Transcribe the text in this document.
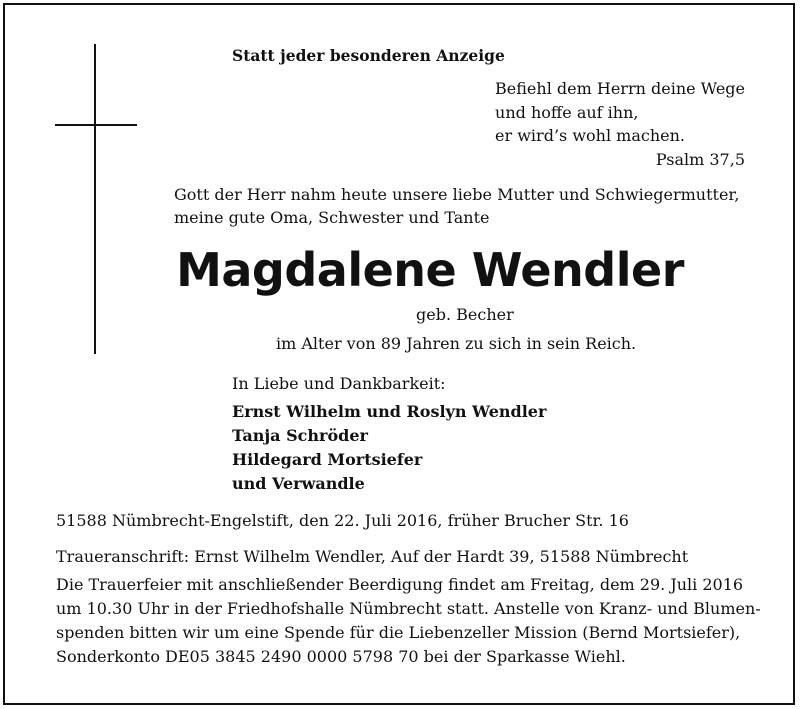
Statt jeder besonderen Anzeige
Befiehl dem Herrn deine Wege
und hoffe auf ihn,
er wird’s wohl machen.
Psalm 37,5
Gott der Herr nahm heute unsere liebe Mutter und Schwiegermutter,
meine gute Oma, Schwester und Tante
Magdalene Wendler
geb. Becher
im Alter von 89 Jahren zu sich in sein Reich.
In Liebe und Dankbarkeit:
Ernst Wilhelm und Roslyn Wendler
Tanja Schröder
Hildegard Mortsiefer
und Verwandle
51588 Nümbrecht-Engelstift, den 22. Juli 2016, früher Brucher Str. 16
Traueranschrift: Ernst Wilhelm Wendler, Auf der Hardt 39, 51588 Nümbrecht
Die Trauerfeier mit anschließender Beerdigung findet am Freitag, dem 29. Juli 2016
um 10.30 Uhr in der Friedhofshalle Nümbrecht statt. Anstelle von Kranz- und Blumen-
spenden bitten wir um eine Spende für die Liebenzeller Mission (Bernd Mortsiefer),
Sonderkonto DE05 3845 2490 0000 5798 70 bei der Sparkasse Wiehl.
